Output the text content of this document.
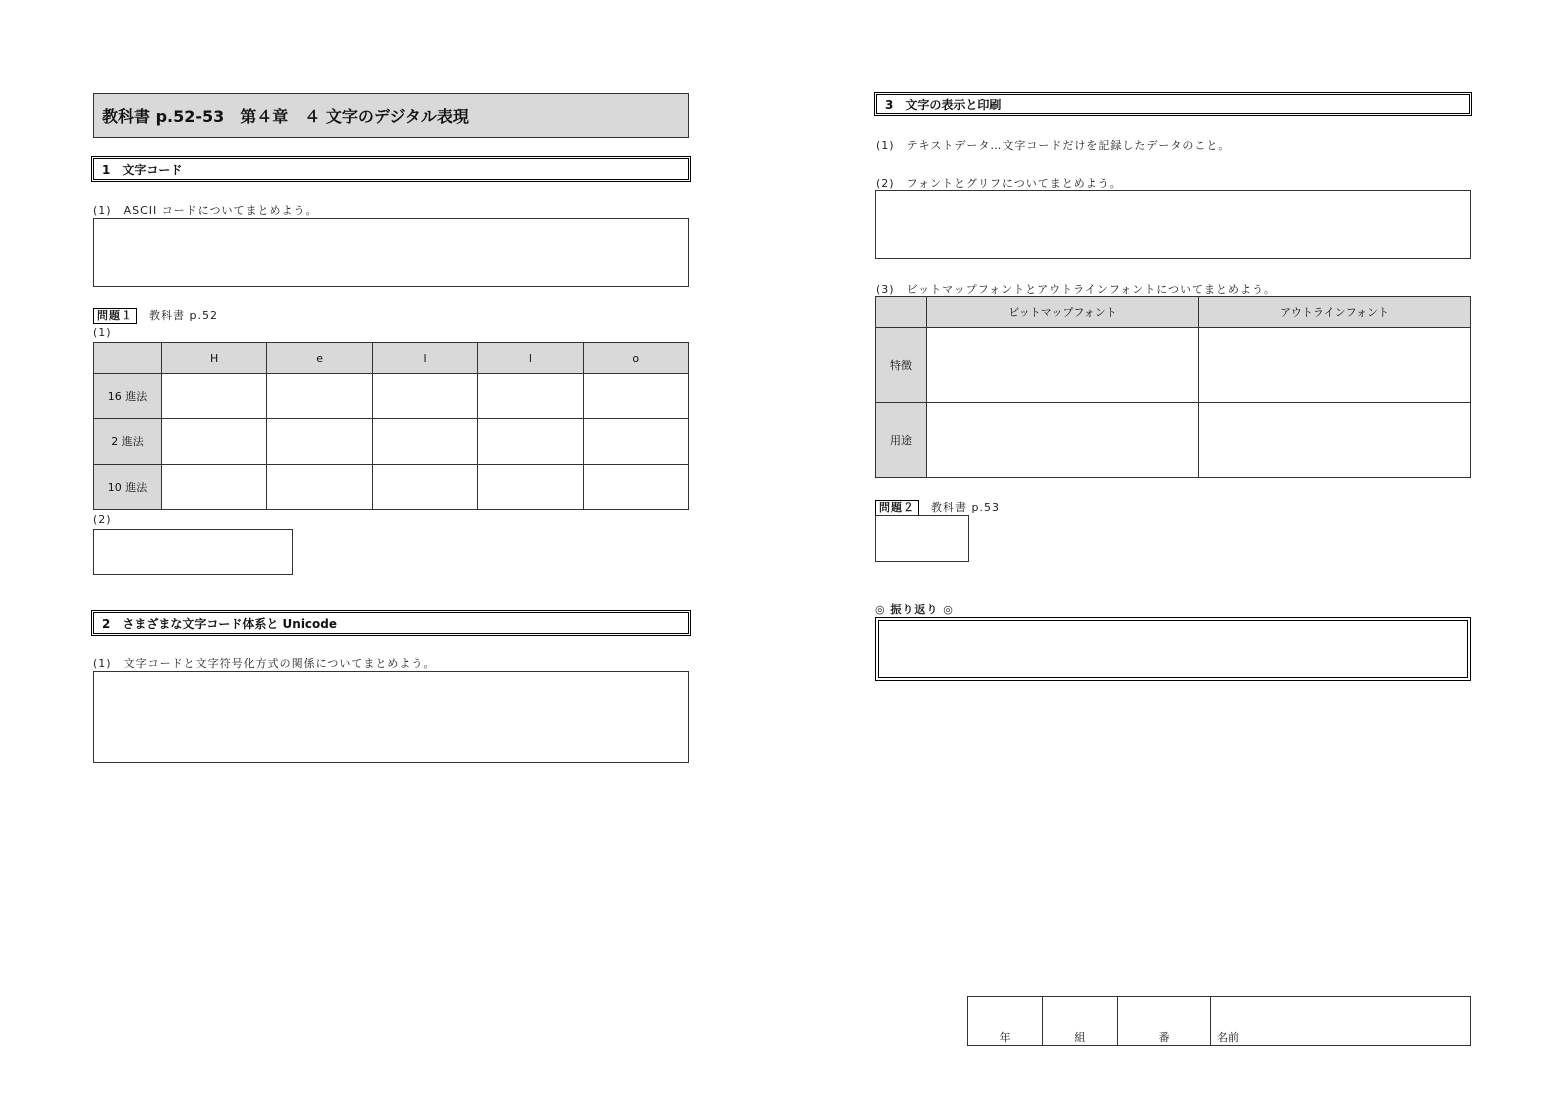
教科書 p.52-53　第４章　４ 文字のデジタル表現
1　文字コード
(1)　ASCII コードについてまとめよう。
問題１ 教科書 p.52
(1)
	H	e	l	l	o
16 進法					
2 進法					
10 進法					
(2)
2　さまざまな文字コード体系と Unicode
(1)　文字コードと文字符号化方式の関係についてまとめよう。
3　文字の表示と印刷
(1)　テキストデータ…文字コードだけを記録したデータのこと。
(2)　フォントとグリフについてまとめよう。
(3)　ビットマップフォントとアウトラインフォントについてまとめよう。
	ビットマップフォント	アウトラインフォント
特徴		
用途		
問題２ 教科書 p.53
◎ 振り返り ◎
年	組	番	名前
